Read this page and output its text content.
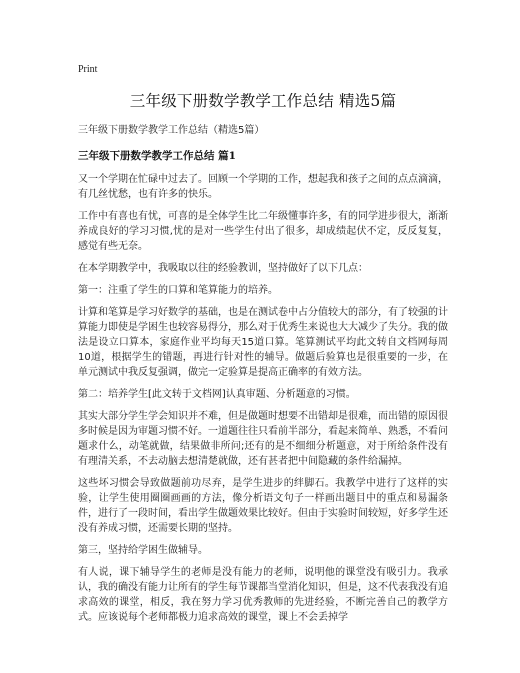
Print
三年级下册数学教学工作总结 精选5篇
三年级下册数学教学工作总结（精选5篇）
三年级下册数学教学工作总结 篇1

又一个学期在忙碌中过去了。回顾一个学期的工作，想起我和孩子之间的点点滴滴，有几丝忧愁，也有许多的快乐。

工作中有喜也有忧，可喜的是全体学生比二年级懂事许多，有的同学进步很大，渐渐养成良好的学习习惯,忧的是对一些学生付出了很多，却成绩起伏不定，反反复复，感觉有些无奈。

在本学期教学中，我吸取以往的经验教训，坚持做好了以下几点：

第一：注重了学生的口算和笔算能力的培养。

计算和笔算是学习好数学的基础，也是在测试卷中占分值较大的部分，有了较强的计算能力即使是学困生也较容易得分，那么对于优秀生来说也大大减少了失分。我的做法是设立口算本，家庭作业平均每天15道口算。笔算测试平均此文转自文档网每周10道，根据学生的错题，再进行针对性的辅导。做题后验算也是很重要的一步，在单元测试中我反复强调，做完一定验算是提高正确率的有效方法。

第二：培养学生[此文转于文档网]认真审题、分析题意的习惯。

其实大部分学生学会知识并不难，但是做题时想要不出错却是很难，而出错的原因很多时候是因为审题习惯不好。一道题往往只看前半部分，看起来简单、熟悉，不看问题求什么，动笔就做，结果做非所问;还有的是不细细分析题意，对于所给条件没有有理清关系，不去动脑去想清楚就做，还有甚者把中间隐藏的条件给漏掉。

这些坏习惯会导致做题前功尽弃，是学生进步的绊脚石。我教学中进行了这样的实验，让学生使用圈圈画画的方法，像分析语文句子一样画出题目中的重点和易漏条件，进行了一段时间，看出学生做题效果比较好。但由于实验时间较短，好多学生还没有养成习惯，还需要长期的坚持。

第三，坚持给学困生做辅导。

有人说，课下辅导学生的老师是没有能力的老师，说明他的课堂没有吸引力。我承认，我的确没有能力让所有的学生每节课都当堂消化知识，但是，这不代表我没有追求高效的课堂，相反，我在努力学习优秀教师的先进经验，不断完善自己的教学方式。应该说每个老师都极力追求高效的课堂，课上不会丢掉学
